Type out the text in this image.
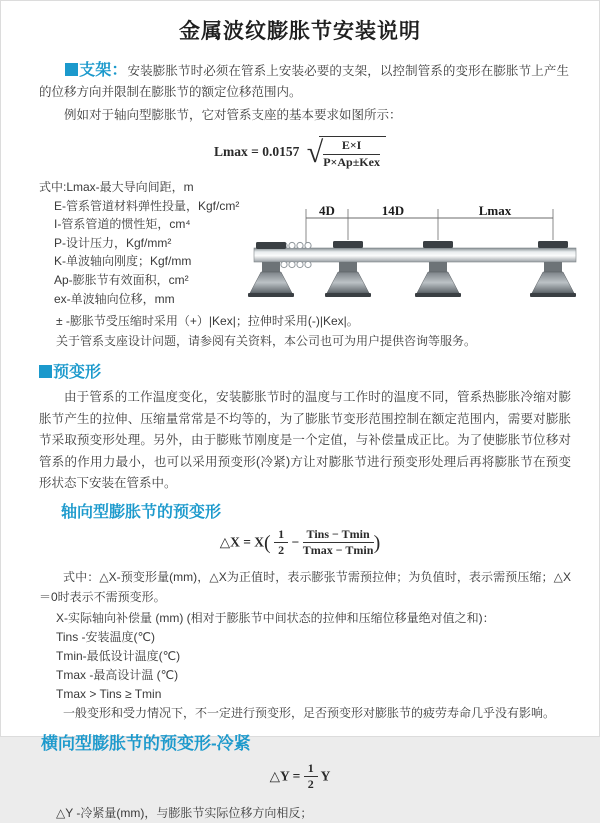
金属波纹膨胀节安装说明

支架：安装膨胀节时必须在管系上安装必要的支架，以控制管系的变形在膨胀节上产生的位移方向并限制在膨胀节的额定位移范围内。

例如对于轴向型膨胀节，它对管系支座的基本要求如图所示：

Lmax = 0.0157 √ $\frac{E\times I}{\text{P×Ap±Kex}}$
式中:Lmax-最大导向间距，m
E-管系管道材料弹性投量，Kgf/cm²
I-管系管道的惯性矩，cm⁴
P-设计压力，Kgf/mm²
K-单波轴向刚度；Kgf/mm
Ap-膨胀节有效面积，cm²
ex-单波轴向位移，mm
4D	14D	Lmax

± -膨胀节受压缩时采用（+）|Kex|；拉伸时采用(-)|Kex|。

关于管系支座设计问题，请参阅有关资料，本公司也可为用户提供咨询等服务。

预变形

由于管系的工作温度变化，安装膨胀节时的温度与工作时的温度不同，管系热膨胀冷缩对膨胀节产生的拉伸、压缩量常常是不均等的，为了膨胀节变形范围控制在额定范围内，需要对膨胀节采取预变形处理。另外，由于膨账节刚度是一个定值，与补偿量成正比。为了使膨胀节位移对管系的作用力最小，也可以采用预变形(冷紧)方让对膨胀节进行预变形处理后再将膨胀节在预变形状态下安装在管系中。

轴向型膨胀节的预变形
△X = $X( \frac{1}{2} - \frac{\text{Tins − Tmin}}{Tmax - Tmin}$ )

式中：△X-预变形量(mm)，△X为正值时，表示膨张节需预拉伸；为负值时，表示需预压缩；△X＝0时表示不需预变形。

X-实际轴向补偿量 (mm) (相对于膨胀节中间状态的拉伸和压缩位移量绝对值之和)：
Tins -安装温度(℃)
Tmin-最低设计温度(℃)
Tmax -最高设计温 (℃)
Tmax > Tins ≥ Tmin

一般变形和受力情况下，不一定进行预变形，足否预变形对膨胀节的疲劳寿命几乎没有影响。

横向型膨胀节的预变形-冷紧
△Y = $\frac{1}{2}$ Y

△Y -冷紧量(mm)，与膨胀节实际位移方向相反；
